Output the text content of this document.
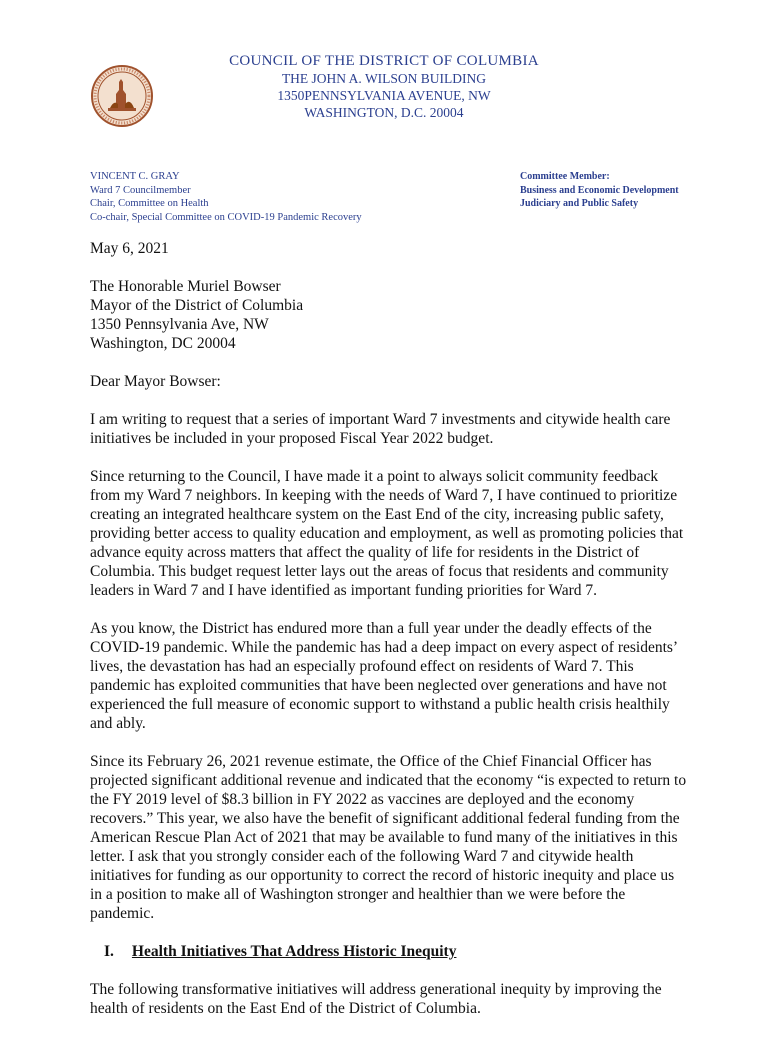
COUNCIL OF THE DISTRICT OF COLUMBIA
THE JOHN A. WILSON BUILDING
1350PENNSYLVANIA AVENUE, NW
WASHINGTON, D.C. 20004
VINCENT C. GRAY
Ward 7 Councilmember
Chair, Committee on Health
Co-chair, Special Committee on COVID-19 Pandemic Recovery
Committee Member:
Business and Economic Development
Judiciary and Public Safety

May 6, 2021

The Honorable Muriel Bowser

Mayor of the District of Columbia

1350 Pennsylvania Ave, NW

Washington, DC 20004

Dear Mayor Bowser:

I am writing to request that a series of important Ward 7 investments and citywide health care initiatives be included in your proposed Fiscal Year 2022 budget.

Since returning to the Council, I have made it a point to always solicit community feedback from my Ward 7 neighbors. In keeping with the needs of Ward 7, I have continued to prioritize creating an integrated healthcare system on the East End of the city, increasing public safety, providing better access to quality education and employment, as well as promoting policies that advance equity across matters that affect the quality of life for residents in the District of Columbia. This budget request letter lays out the areas of focus that residents and community leaders in Ward 7 and I have identified as important funding priorities for Ward 7.

As you know, the District has endured more than a full year under the deadly effects of the COVID-19 pandemic. While the pandemic has had a deep impact on every aspect of residents’ lives, the devastation has had an especially profound effect on residents of Ward 7. This pandemic has exploited communities that have been neglected over generations and have not experienced the full measure of economic support to withstand a public health crisis healthily and ably.

Since its February 26, 2021 revenue estimate, the Office of the Chief Financial Officer has projected significant additional revenue and indicated that the economy “is expected to return to the FY 2019 level of $8.3 billion in FY 2022 as vaccines are deployed and the economy recovers.” This year, we also have the benefit of significant additional federal funding from the American Rescue Plan Act of 2021 that may be available to fund many of the initiatives in this letter. I ask that you strongly consider each of the following Ward 7 and citywide health initiatives for funding as our opportunity to correct the record of historic inequity and place us in a position to make all of Washington stronger and healthier than we were before the pandemic.

I. Health Initiatives That Address Historic Inequity

The following transformative initiatives will address generational inequity by improving the health of residents on the East End of the District of Columbia.
